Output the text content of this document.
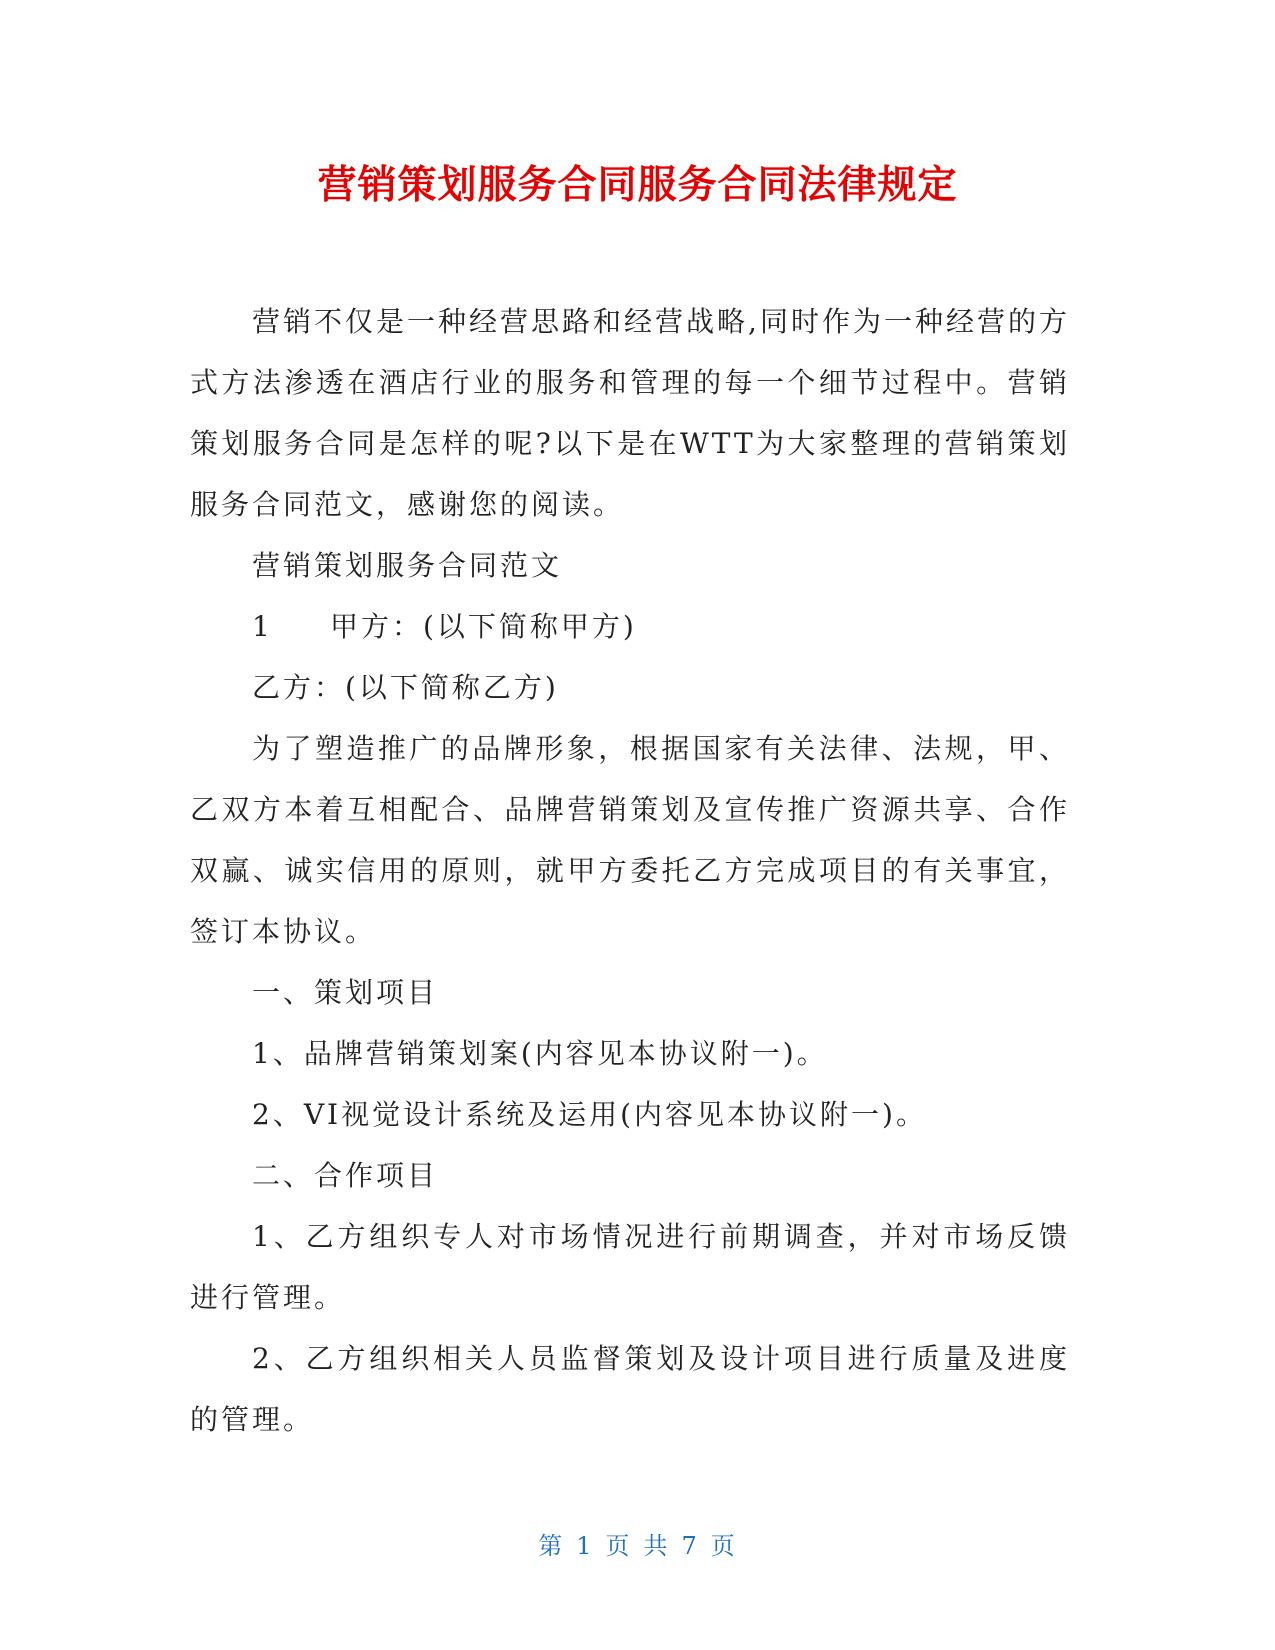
营销策划服务合同服务合同法律规定

营销不仅是一种经营思路和经营战略,同时作为一种经营的方式方法渗透在酒店行业的服务和管理的每一个细节过程中。营销策划服务合同是怎样的呢?以下是在WTT为大家整理的营销策划服务合同范文，感谢您的阅读。

营销策划服务合同范文

1 甲方：(以下简称甲方)

乙方：(以下简称乙方)

为了塑造推广的品牌形象，根据国家有关法律、法规，甲、乙双方本着互相配合、品牌营销策划及宣传推广资源共享、合作双赢、诚实信用的原则，就甲方委托乙方完成项目的有关事宜，签订本协议。

一、策划项目

1、品牌营销策划案(内容见本协议附一)。

2、VI视觉设计系统及运用(内容见本协议附一)。

二、合作项目

1、乙方组织专人对市场情况进行前期调查，并对市场反馈进行管理。

2、乙方组织相关人员监督策划及设计项目进行质量及进度的管理。

第 1 页 共 7 页
